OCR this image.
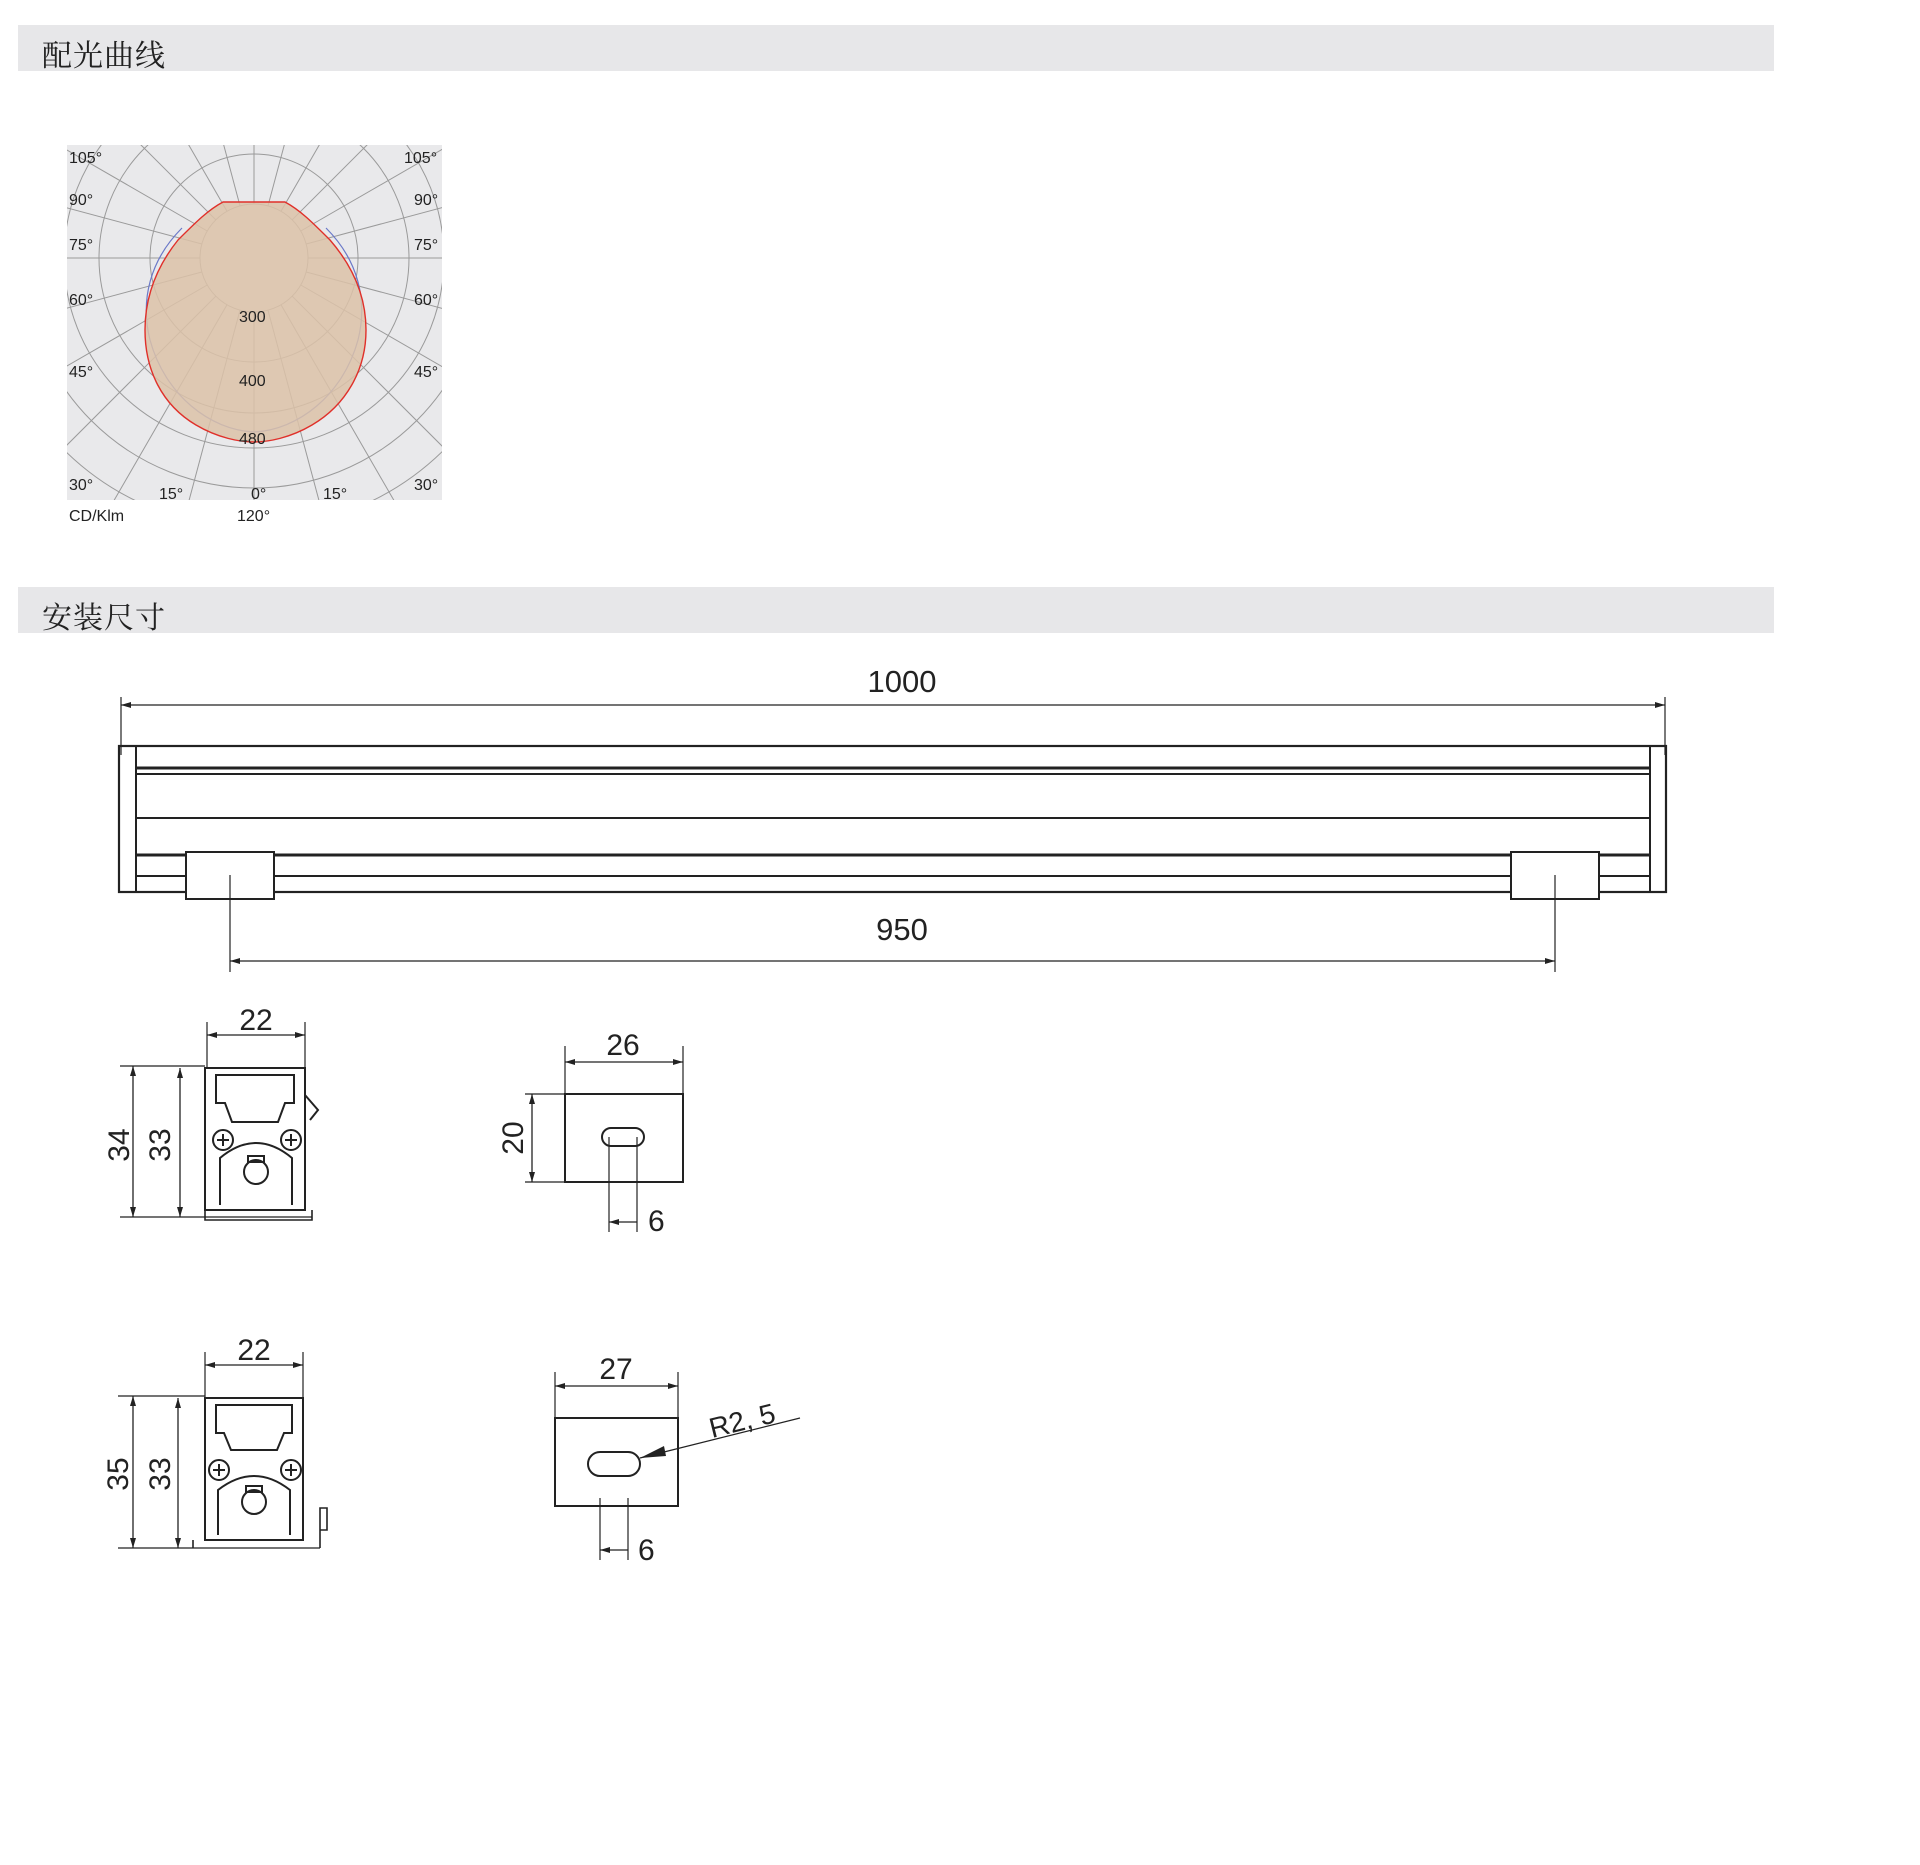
配光曲线
安装尺寸
105°	105°
90°	90°
75°	75°
60°	60°
45°	45°
30°	30°
15°	15°
0°
300
400
480
CD/Klm	120°
1000
950
22
34 33
26
20
6
22
35 33
27
R2, 5
6
